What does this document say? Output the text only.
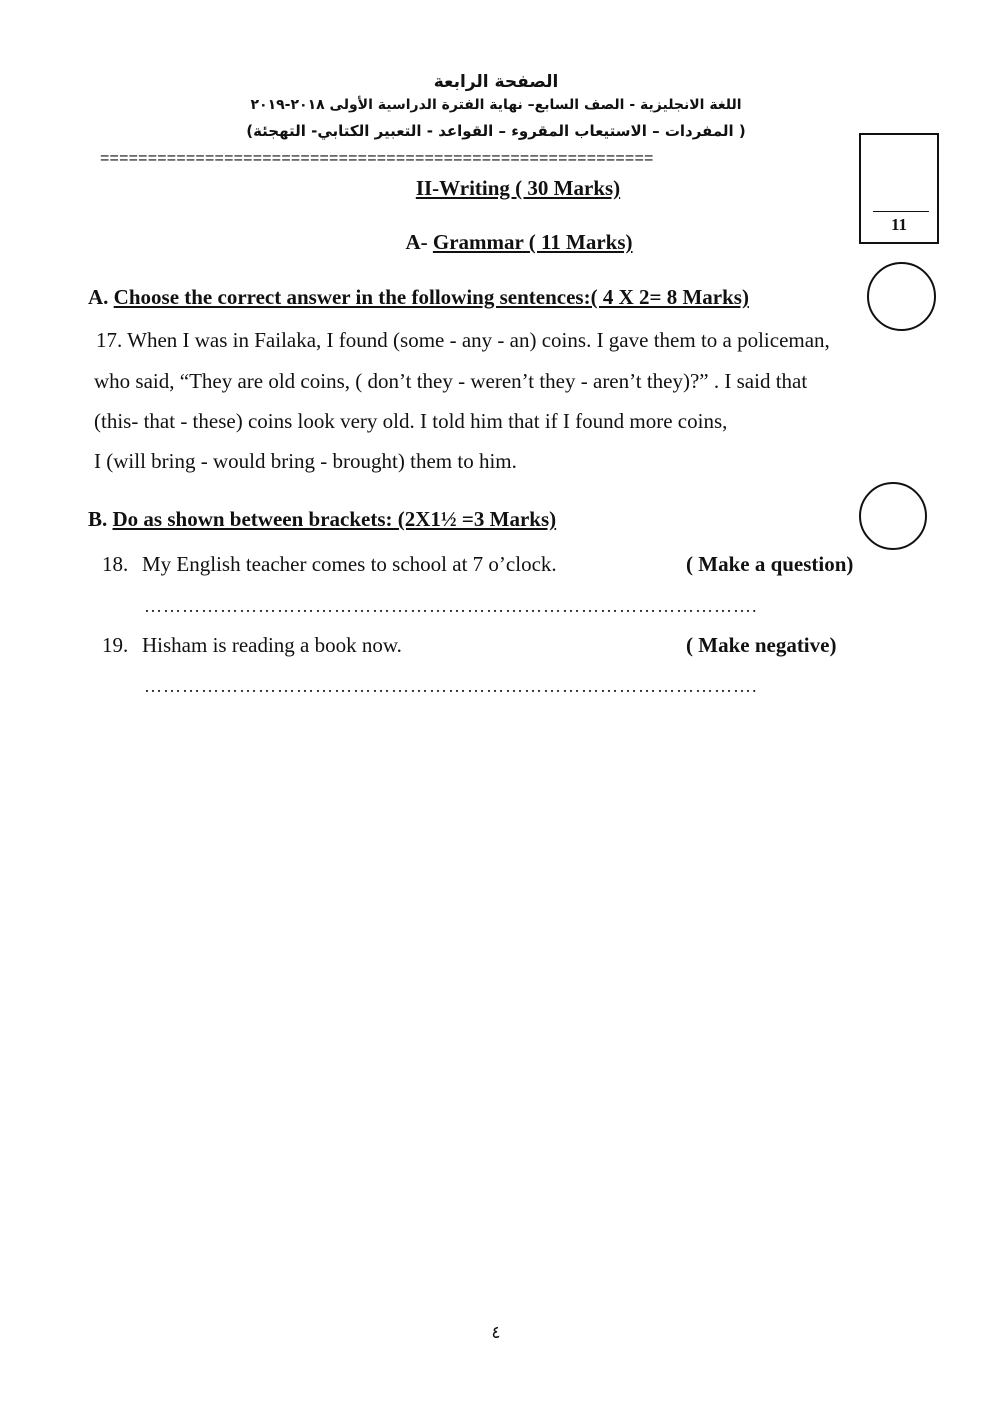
الصفحة الرابعة
اللغة الانجليزية - الصف السابع– نهاية الفترة الدراسية الأولى ٢٠١٨-٢٠١٩
( المفردات – الاستيعاب المقروء – القواعد - التعبير الكتابي- التهجئة)
==========================================================
11
II-Writing ( 30 Marks)
A- Grammar ( 11 Marks)
A. Choose the correct answer in the following sentences:( 4 X 2= 8 Marks)
17. When I was in Failaka, I found (some - any - an) coins. I gave them to a policeman,
who said, “They are old coins, ( don’t they - weren’t they - aren’t they)?” . I said that
(this- that - these) coins look very old. I told him that if I found more coins,
I (will bring - would bring - brought) them to him.
B. Do as shown between brackets: (2X1½ =3 Marks)
18. My English teacher comes to school at 7 o’clock.	( Make a question)
…………………………………………………………………………………….
19. Hisham is reading a book now.	( Make negative)
…………………………………………………………………………………….
٤
